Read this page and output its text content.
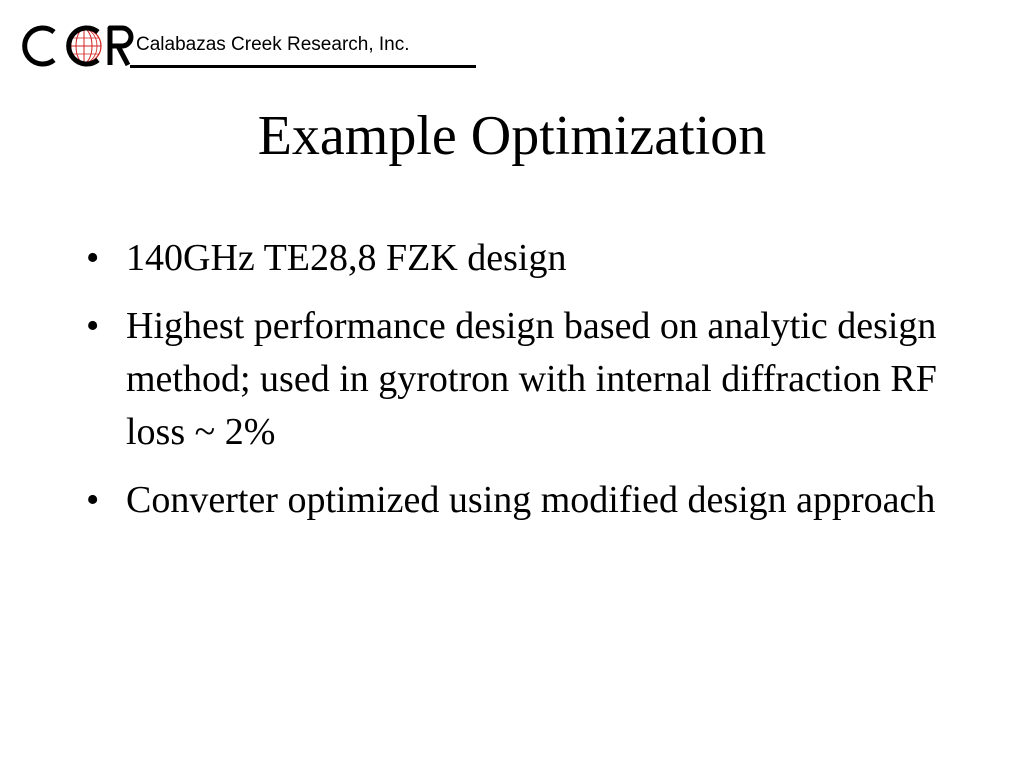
Calabazas Creek Research, Inc.
Example Optimization
• 140GHz TE28,8 FZK design
• Highest performance design based on analytic design method; used in gyrotron with internal diffraction RF loss ~ 2%
• Converter optimized using modified design approach
